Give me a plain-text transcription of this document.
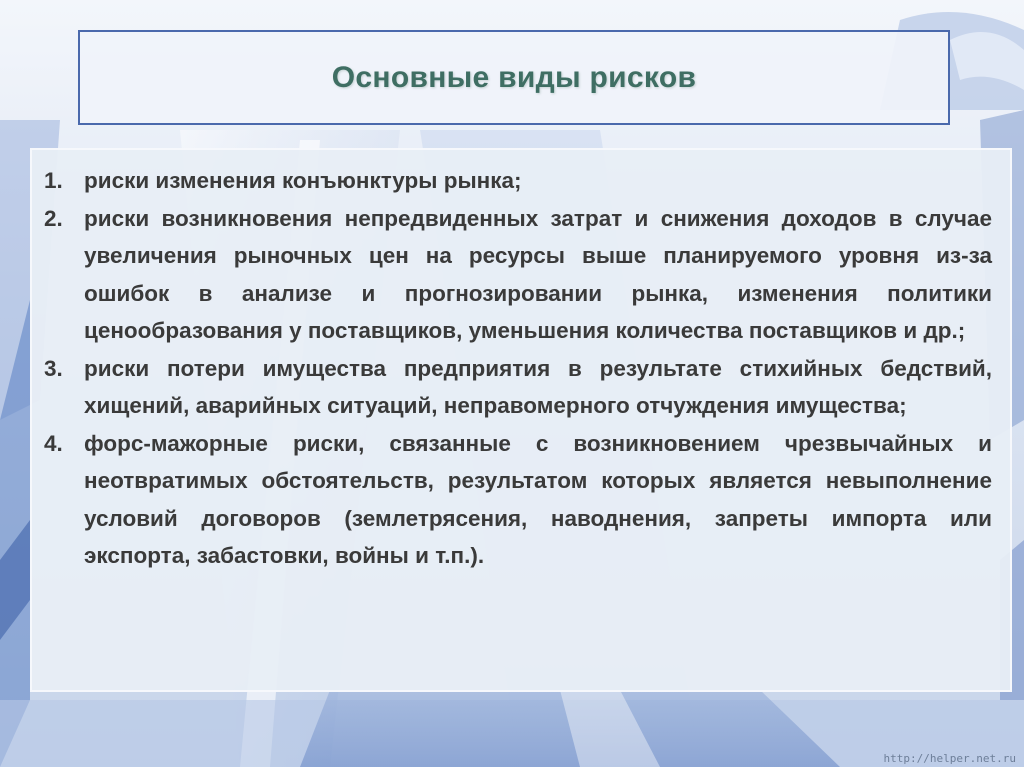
Основные виды рисков
1. риски изменения конъюнктуры рынка;
2. риски возникновения непредвиденных затрат и снижения доходов в случае увеличения рыночных цен на ресурсы выше планируемого уровня из-за ошибок в анализе и прогнозировании рынка, изменения политики ценообразования у поставщиков, уменьшения количества поставщиков и др.;
3. риски потери имущества предприятия в результате стихийных бедствий, хищений, аварийных ситуаций, неправомерного отчуждения имущества;
4. форс-мажорные риски, связанные с возникновением чрезвычайных и неотвратимых обстоятельств, результатом которых является невыполнение условий договоров (землетрясения, наводнения, запреты импорта или экспорта, забастовки, войны и т.п.).
http://helper.net.ru
